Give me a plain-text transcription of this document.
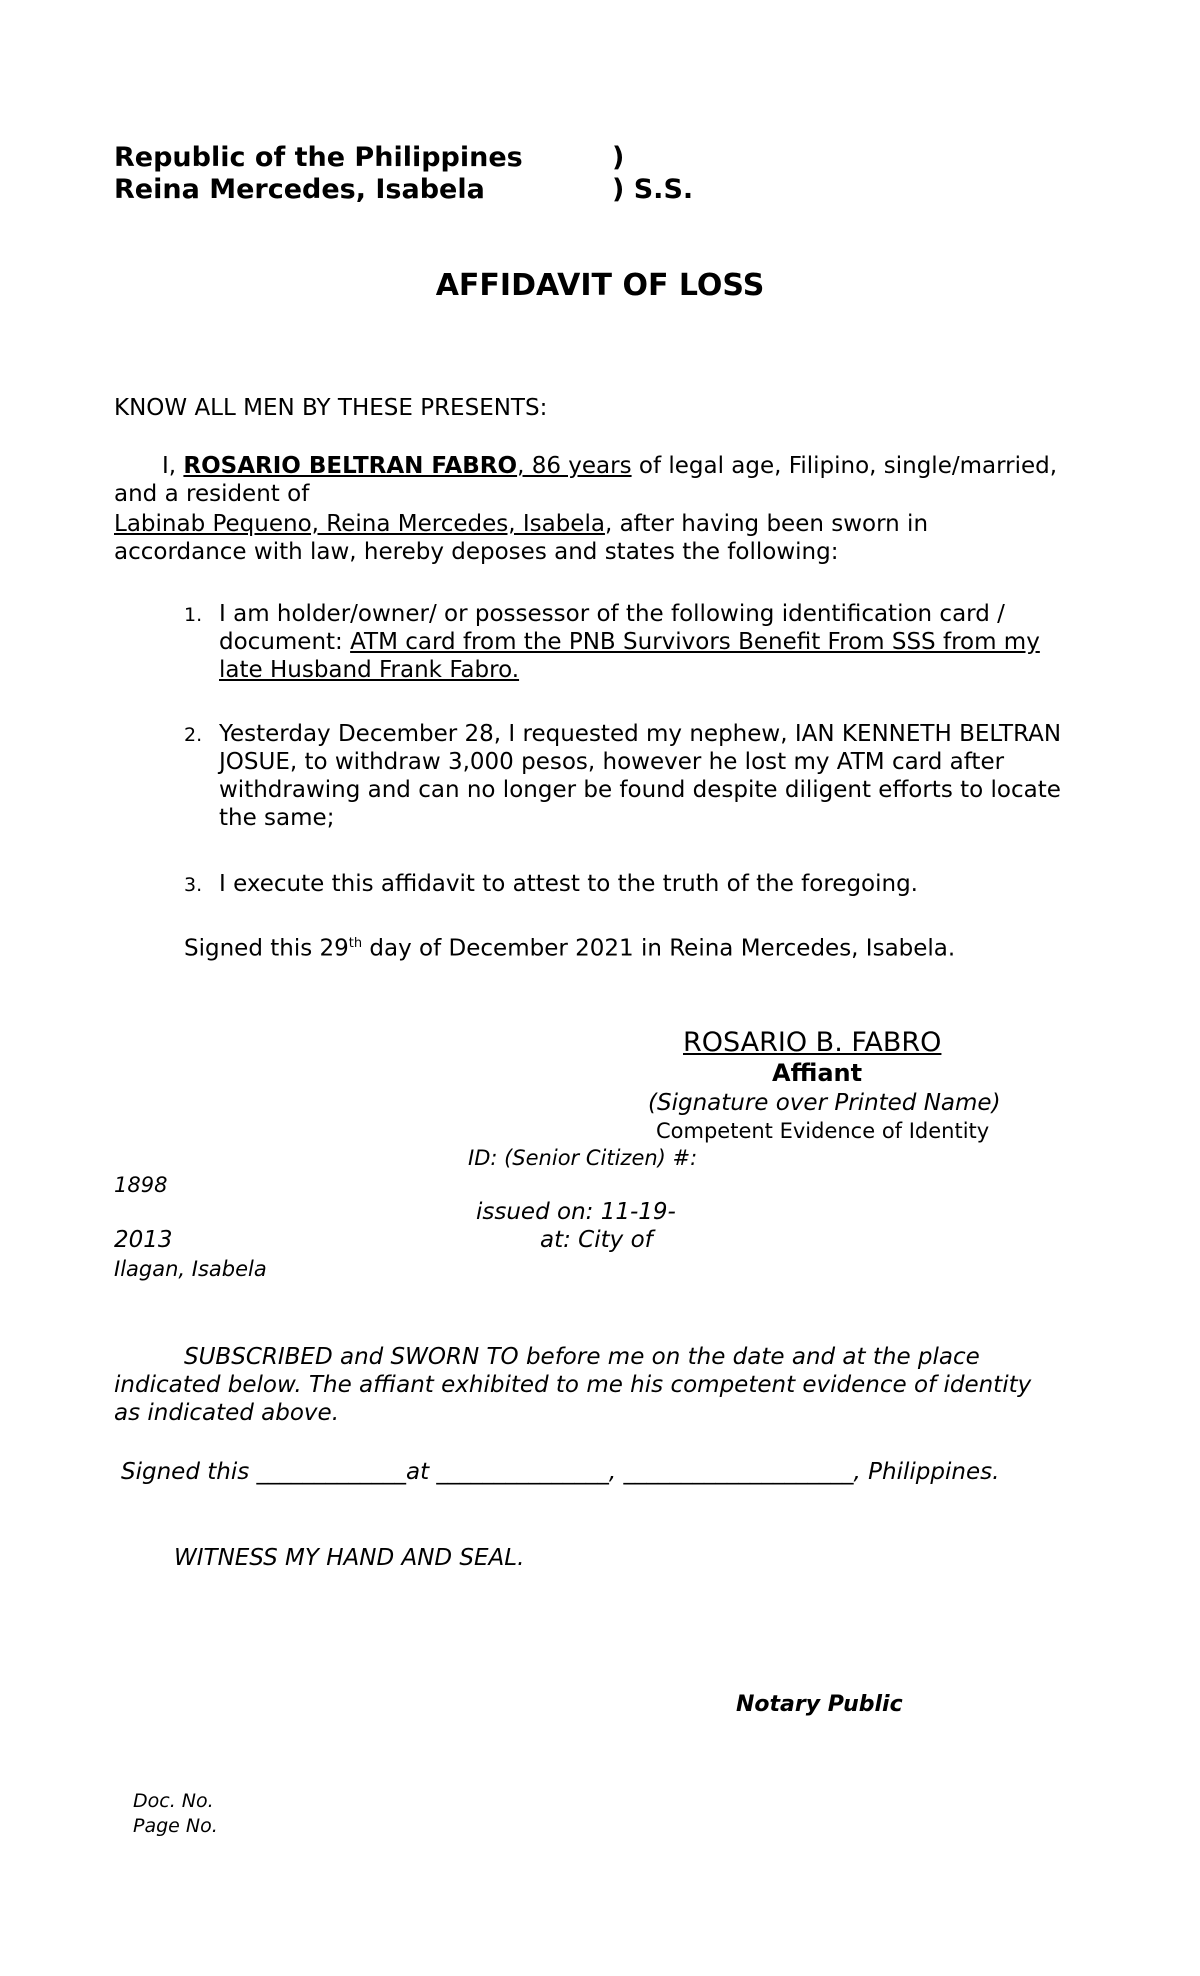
Republic of the Philippines	)
Reina Mercedes, Isabela	) S.S.
AFFIDAVIT OF LOSS
KNOW ALL MEN BY THESE PRESENTS:
I, ROSARIO BELTRAN FABRO, 86 years of legal age, Filipino, single/married,
and a resident of
Labinab Pequeno, Reina Mercedes, Isabela, after having been sworn in
accordance with law, hereby deposes and states the following:
1. I am holder/owner/ or possessor of the following identification card /
document: ATM card from the PNB Survivors Benefit From SSS from my
late Husband Frank Fabro.
2. Yesterday December 28, I requested my nephew, IAN KENNETH BELTRAN
JOSUE, to withdraw 3,000 pesos, however he lost my ATM card after
withdrawing and can no longer be found despite diligent efforts to locate
the same;
3. I execute this affidavit to attest to the truth of the foregoing.
Signed this 29th day of December 2021 in Reina Mercedes, Isabela.
ROSARIO B. FABRO
Affiant
(Signature over Printed Name)
Competent Evidence of Identity
ID: (Senior Citizen) #:
1898
issued on: 11-19-
2013	at: City of
Ilagan, Isabela
SUBSCRIBED and SWORN TO before me on the date and at the place
indicated below. The affiant exhibited to me his competent evidence of identity
as indicated above.
Signed this _____________at _______________, ____________________, Philippines.
WITNESS MY HAND AND SEAL.
Notary Public
Doc. No.
Page No.
